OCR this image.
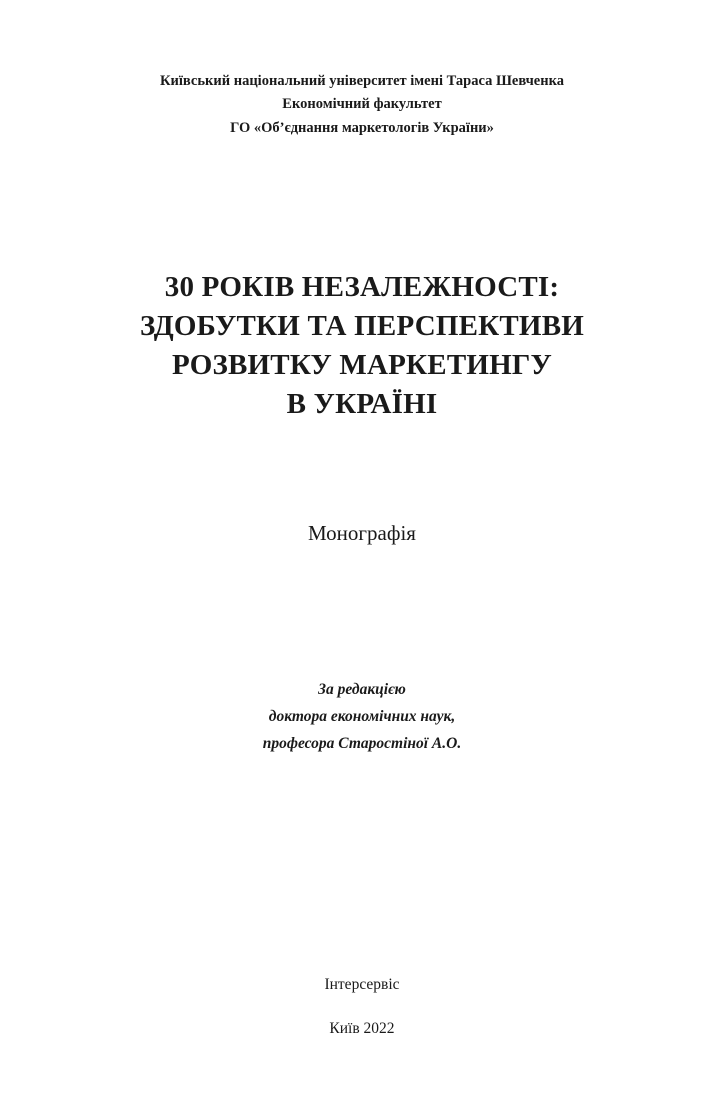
Київський національний університет імені Тараса Шевченка
Економічний факультет
ГО «Об’єднання маркетологів України»
30 РОКІВ НЕЗАЛЕЖНОСТІ:
ЗДОБУТКИ ТА ПЕРСПЕКТИВИ
РОЗВИТКУ МАРКЕТИНГУ
В УКРАЇНІ
Монографія
За редакцією
доктора економічних наук,
професора Старостіної А.О.
Інтерсервіс
Київ 2022
